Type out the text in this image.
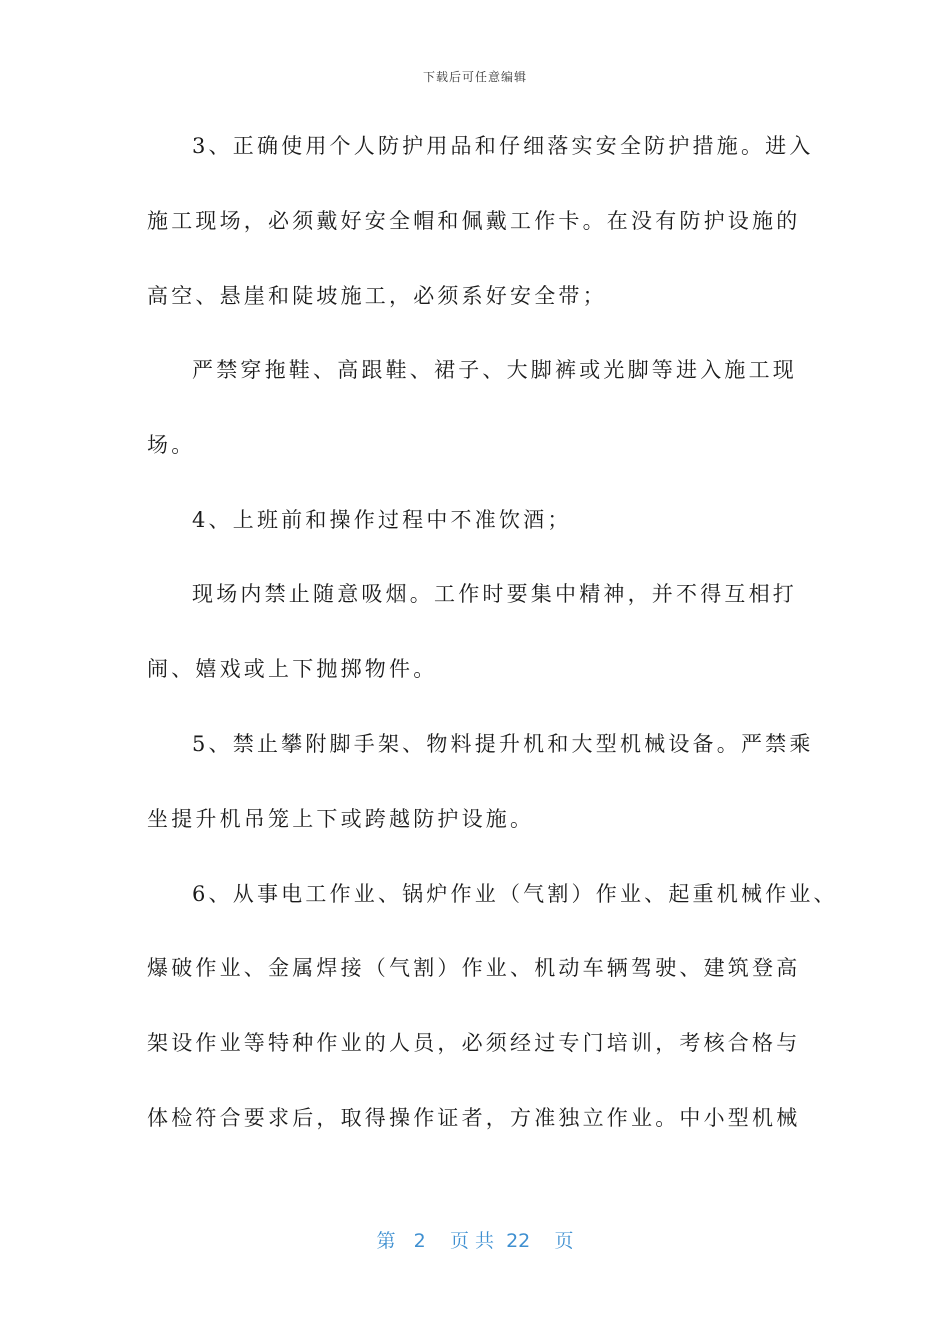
下载后可任意编辑
3、正确使用个人防护用品和仔细落实安全防护措施。进入
施工现场，必须戴好安全帽和佩戴工作卡。在没有防护设施的
高空、悬崖和陡坡施工，必须系好安全带；
严禁穿拖鞋、高跟鞋、裙子、大脚裤或光脚等进入施工现
场。
4、上班前和操作过程中不准饮酒；
现场内禁止随意吸烟。工作时要集中精神，并不得互相打
闹、嬉戏或上下抛掷物件。
5、禁止攀附脚手架、物料提升机和大型机械设备。严禁乘
坐提升机吊笼上下或跨越防护设施。
6、从事电工作业、锅炉作业（气割）作业、起重机械作业、
爆破作业、金属焊接（气割）作业、机动车辆驾驶、建筑登高
架设作业等特种作业的人员，必须经过专门培训，考核合格与
体检符合要求后，取得操作证者，方准独立作业。中小型机械
第 2 页 共 22 页
